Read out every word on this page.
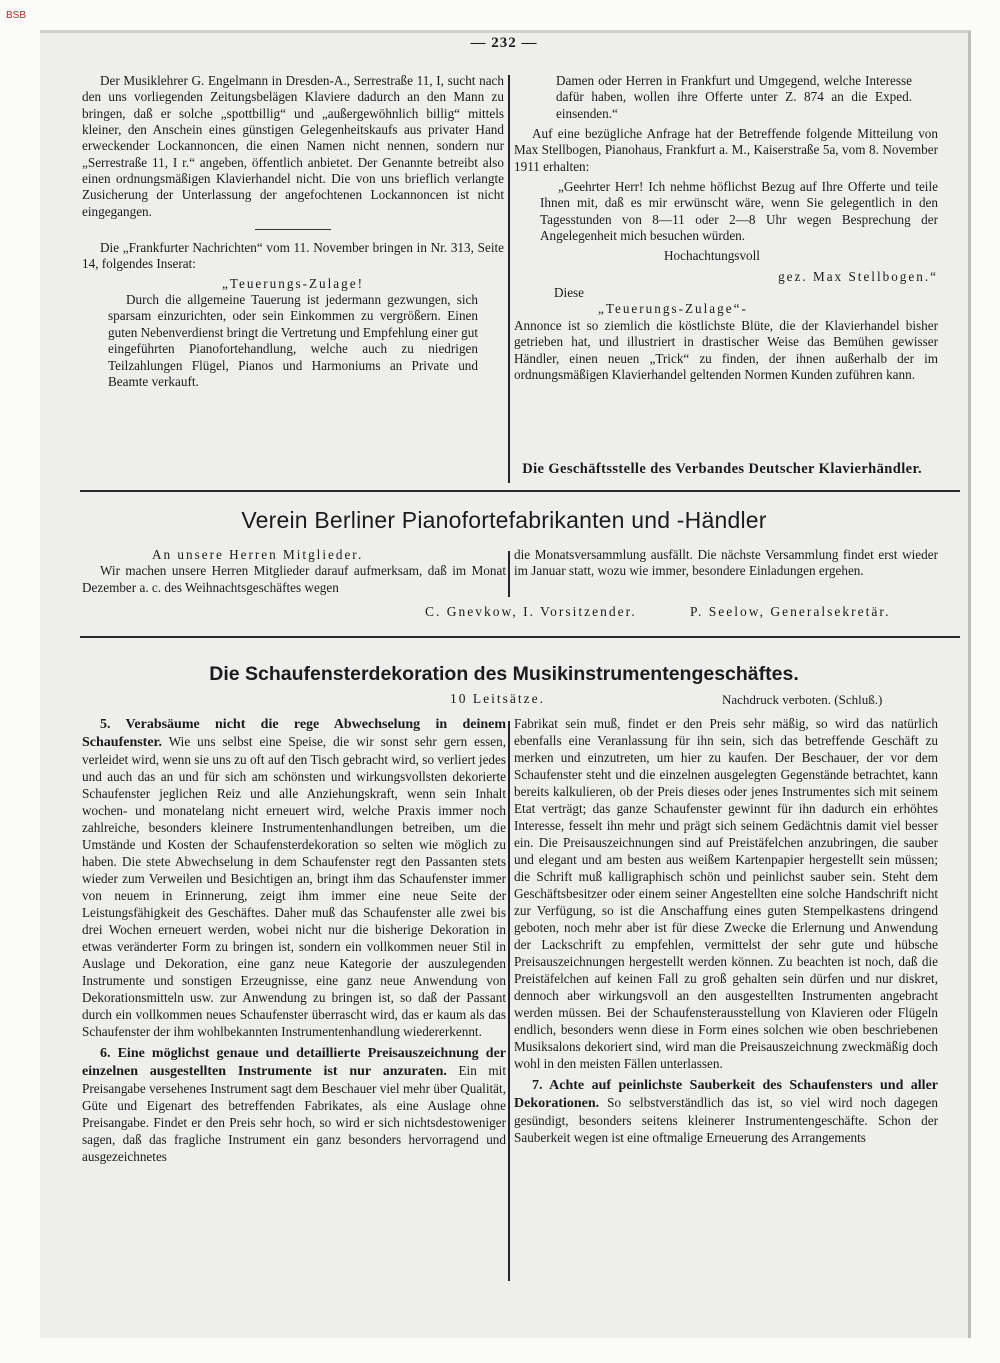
BSB
— 232 —

Der Musiklehrer G. Engelmann in Dresden-A., Serrestraße 11, I, sucht nach den uns vorliegenden Zeitungsbelägen Klaviere dadurch an den Mann zu bringen, daß er solche „spottbillig“ und „außergewöhnlich billig“ mittels kleiner, den Anschein eines günstigen Gelegenheitskaufs aus privater Hand erweckender Lockannoncen, die einen Namen nicht nennen, sondern nur „Serrestraße 11, I r.“ angeben, öffentlich anbietet. Der Genannte betreibt also einen ordnungsmäßigen Klavierhandel nicht. Die von uns brieflich verlangte Zusicherung der Unterlassung der angefochtenen Lockannoncen ist nicht eingegangen.

Die „Frankfurter Nachrichten“ vom 11. November bringen in Nr. 313, Seite 14, folgendes Inserat:

„Teuerungs-Zulage!

Durch die allgemeine Tauerung ist jedermann gezwungen, sich sparsam einzurichten, oder sein Einkommen zu vergrößern. Einen guten Nebenverdienst bringt die Vertretung und Empfehlung einer gut eingeführten Pianofortehandlung, welche auch zu niedrigen Teilzahlungen Flügel, Pianos und Harmoniums an Private und Beamte verkauft.

Damen oder Herren in Frankfurt und Umgegend, welche Interesse dafür haben, wollen ihre Offerte unter Z. 874 an die Exped. einsenden.“

Auf eine bezügliche Anfrage hat der Betreffende folgende Mitteilung von Max Stellbogen, Pianohaus, Frankfurt a. M., Kaiserstraße 5a, vom 8. November 1911 erhalten:

„Geehrter Herr! Ich nehme höflichst Bezug auf Ihre Offerte und teile Ihnen mit, daß es mir erwünscht wäre, wenn Sie gelegentlich in den Tagesstunden von 8—11 oder 2—8 Uhr wegen Besprechung der Angelegenheit mich besuchen würden.

Hochachtungsvoll

gez. Max Stellbogen.“

Diese

„Teuerungs-Zulage“-

Annonce ist so ziemlich die köstlichste Blüte, die der Klavierhandel bisher getrieben hat, und illustriert in drastischer Weise das Bemühen gewisser Händler, einen neuen „Trick“ zu finden, der ihnen außerhalb der im ordnungsmäßigen Klavierhandel geltenden Normen Kunden zuführen kann.

Die Geschäftsstelle des Verbandes Deutscher Klavierhändler.
Verein Berliner Pianofortefabrikanten und -Händler

An unsere Herren Mitglieder.

Wir machen unsere Herren Mitglieder darauf aufmerksam, daß im Monat Dezember a. c. des Weihnachtsgeschäftes wegen

die Monatsversammlung ausfällt. Die nächste Versammlung findet erst wieder im Januar statt, wozu wie immer, besondere Einladungen ergehen.

C. Gnevkow, I. Vorsitzender.	P. Seelow, Generalsekretär.
Die Schaufensterdekoration des Musikinstrumentengeschäftes.
10 Leitsätze.	Nachdruck verboten. (Schluß.)

5. Verabsäume nicht die rege Abwechselung in deinem Schaufenster. Wie uns selbst eine Speise, die wir sonst sehr gern essen, verleidet wird, wenn sie uns zu oft auf den Tisch gebracht wird, so verliert jedes und auch das an und für sich am schönsten und wirkungsvollsten dekorierte Schaufenster jeglichen Reiz und alle Anziehungskraft, wenn sein Inhalt wochen- und monatelang nicht erneuert wird, welche Praxis immer noch zahlreiche, besonders kleinere Instrumentenhandlungen betreiben, um die Umstände und Kosten der Schaufensterdekoration so selten wie möglich zu haben. Die stete Abwechselung in dem Schaufenster regt den Passanten stets wieder zum Verweilen und Besichtigen an, bringt ihm das Schaufenster immer von neuem in Erinnerung, zeigt ihm immer eine neue Seite der Leistungsfähigkeit des Geschäftes. Daher muß das Schaufenster alle zwei bis drei Wochen erneuert werden, wobei nicht nur die bisherige Dekoration in etwas veränderter Form zu bringen ist, sondern ein vollkommen neuer Stil in Auslage und Dekoration, eine ganz neue Kategorie der auszulegenden Instrumente und sonstigen Erzeugnisse, eine ganz neue Anwendung von Dekorationsmitteln usw. zur Anwendung zu bringen ist, so daß der Passant durch ein vollkommen neues Schaufenster überrascht wird, das er kaum als das Schaufenster der ihm wohlbekannten Instrumentenhandlung wiedererkennt.

6. Eine möglichst genaue und detaillierte Preisauszeichnung der einzelnen ausgestellten Instrumente ist nur anzuraten. Ein mit Preisangabe versehenes Instrument sagt dem Beschauer viel mehr über Qualität, Güte und Eigenart des betreffenden Fabrikates, als eine Auslage ohne Preisangabe. Findet er den Preis sehr hoch, so wird er sich nichtsdestoweniger sagen, daß das fragliche Instrument ein ganz besonders hervorragend und ausgezeichnetes

Fabrikat sein muß, findet er den Preis sehr mäßig, so wird das natürlich ebenfalls eine Veranlassung für ihn sein, sich das betreffende Geschäft zu merken und einzutreten, um hier zu kaufen. Der Beschauer, der vor dem Schaufenster steht und die einzelnen ausgelegten Gegenstände betrachtet, kann bereits kalkulieren, ob der Preis dieses oder jenes Instrumentes sich mit seinem Etat verträgt; das ganze Schaufenster gewinnt für ihn dadurch ein erhöhtes Interesse, fesselt ihn mehr und prägt sich seinem Gedächtnis damit viel besser ein. Die Preisauszeichnungen sind auf Preistäfelchen anzubringen, die sauber und elegant und am besten aus weißem Kartenpapier hergestellt sein müssen; die Schrift muß kalligraphisch schön und peinlichst sauber sein. Steht dem Geschäftsbesitzer oder einem seiner Angestellten eine solche Handschrift nicht zur Verfügung, so ist die Anschaffung eines guten Stempelkastens dringend geboten, noch mehr aber ist für diese Zwecke die Erlernung und Anwendung der Lackschrift zu empfehlen, vermittelst der sehr gute und hübsche Preisauszeichnungen hergestellt werden können. Zu beachten ist noch, daß die Preistäfelchen auf keinen Fall zu groß gehalten sein dürfen und nur diskret, dennoch aber wirkungsvoll an den ausgestellten Instrumenten angebracht werden müssen. Bei der Schaufensterausstellung von Klavieren oder Flügeln endlich, besonders wenn diese in Form eines solchen wie oben beschriebenen Musiksalons dekoriert sind, wird man die Preisauszeichnung zweckmäßig doch wohl in den meisten Fällen unterlassen.

7. Achte auf peinlichste Sauberkeit des Schaufensters und aller Dekorationen. So selbstverständlich das ist, so viel wird noch dagegen gesündigt, besonders seitens kleinerer Instrumentengeschäfte. Schon der Sauberkeit wegen ist eine oftmalige Erneuerung des Arrangements
